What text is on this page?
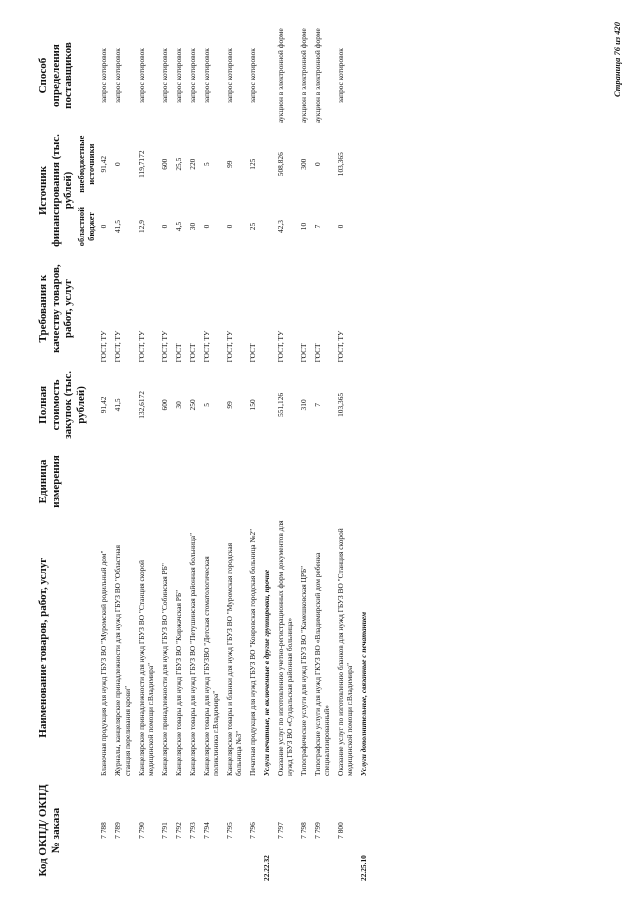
Код ОКПД/ ОКПД № заказа	Наименование товаров, работ, услуг	Единица измерения	Полная стоимость закупок (тыс. рублей)	Требования к качеству товаров, работ, услуг	Источник финансирования (тыс. рублей)		Способ определения поставщиков
					областной бюджет	внебюджетные источники	
7 788	Бланочная продукция для нужд ГБУЗ ВО "Муромский родильный дом"		91,42	ГОСТ, ТУ	0	91,42	запрос котировок
7 789	Журналы, канцелярские принадлежности для нужд ГБУЗ ВО "Областная станция переливания крови"		41,5	ГОСТ, ТУ	41,5	0	запрос котировок
7 790	Канцелярские принадлежности для нужд ГБУЗ ВО "Станция скорой медицинской помощи г.Владимира"		132,6172	ГОСТ, ТУ	12,9	119,7172	запрос котировок
7 791	Канцелярские принадлежности для нужд ГБУЗ ВО "Собинская РБ"		600	ГОСТ, ТУ	0	600	запрос котировок
7 792	Канцелярские товары для нужд ГБУЗ ВО "Киржачская РБ"		30	ГОСТ	4,5	25,5	запрос котировок
7 793	Канцелярские товары для нужд ГБУЗ ВО "Петушинская районная больница"		250	ГОСТ	30	220	запрос котировок
7 794	Канцелярские товары для нужд ГБУЗВО "Детская стоматологическая поликлиника г.Владимира"		5	ГОСТ, ТУ	0	5	запрос котировок
7 795	Канцелярские товары и бланки для нужд ГБУЗ ВО "Муромская городская больница №3"		99	ГОСТ, ТУ	0	99	запрос котировок
7 796	Печатная продукция для нужд ГБУЗ ВО "Ковровская городская больница №2"		150	ГОСТ	25	125	запрос котировок
22.22.32	Услуги печатные, не включенные в другие группировки, прочие						
7 797	Оказание услуг по изготовлению учетно-регистрационных форм документов для нужд ГБУЗ ВО «Суздальская районная больница»		551,126	ГОСТ, ТУ	42,3	508,826	аукцион в электронной форме
7 798	Типографические услуги для нужд ГБУЗ ВО "Камешковская ЦРБ"		310	ГОСТ	10	300	аукцион в электронной форме
7 799	Типографские услуги для нужд ГКУЗ ВО «Владимирский дом ребенка специализированный»		7	ГОСТ	7	0	аукцион в электронной форме
7 800	Оказание услуг по изготовлению бланков для нужд ГБУЗ ВО "Станция скорой медицинской помощи г.Владимира"		103,365	ГОСТ, ТУ	0	103,365	запрос котировок
22.25.10	Услуги дополнительные, связанные с печатанием						
Страница 76 из 420
